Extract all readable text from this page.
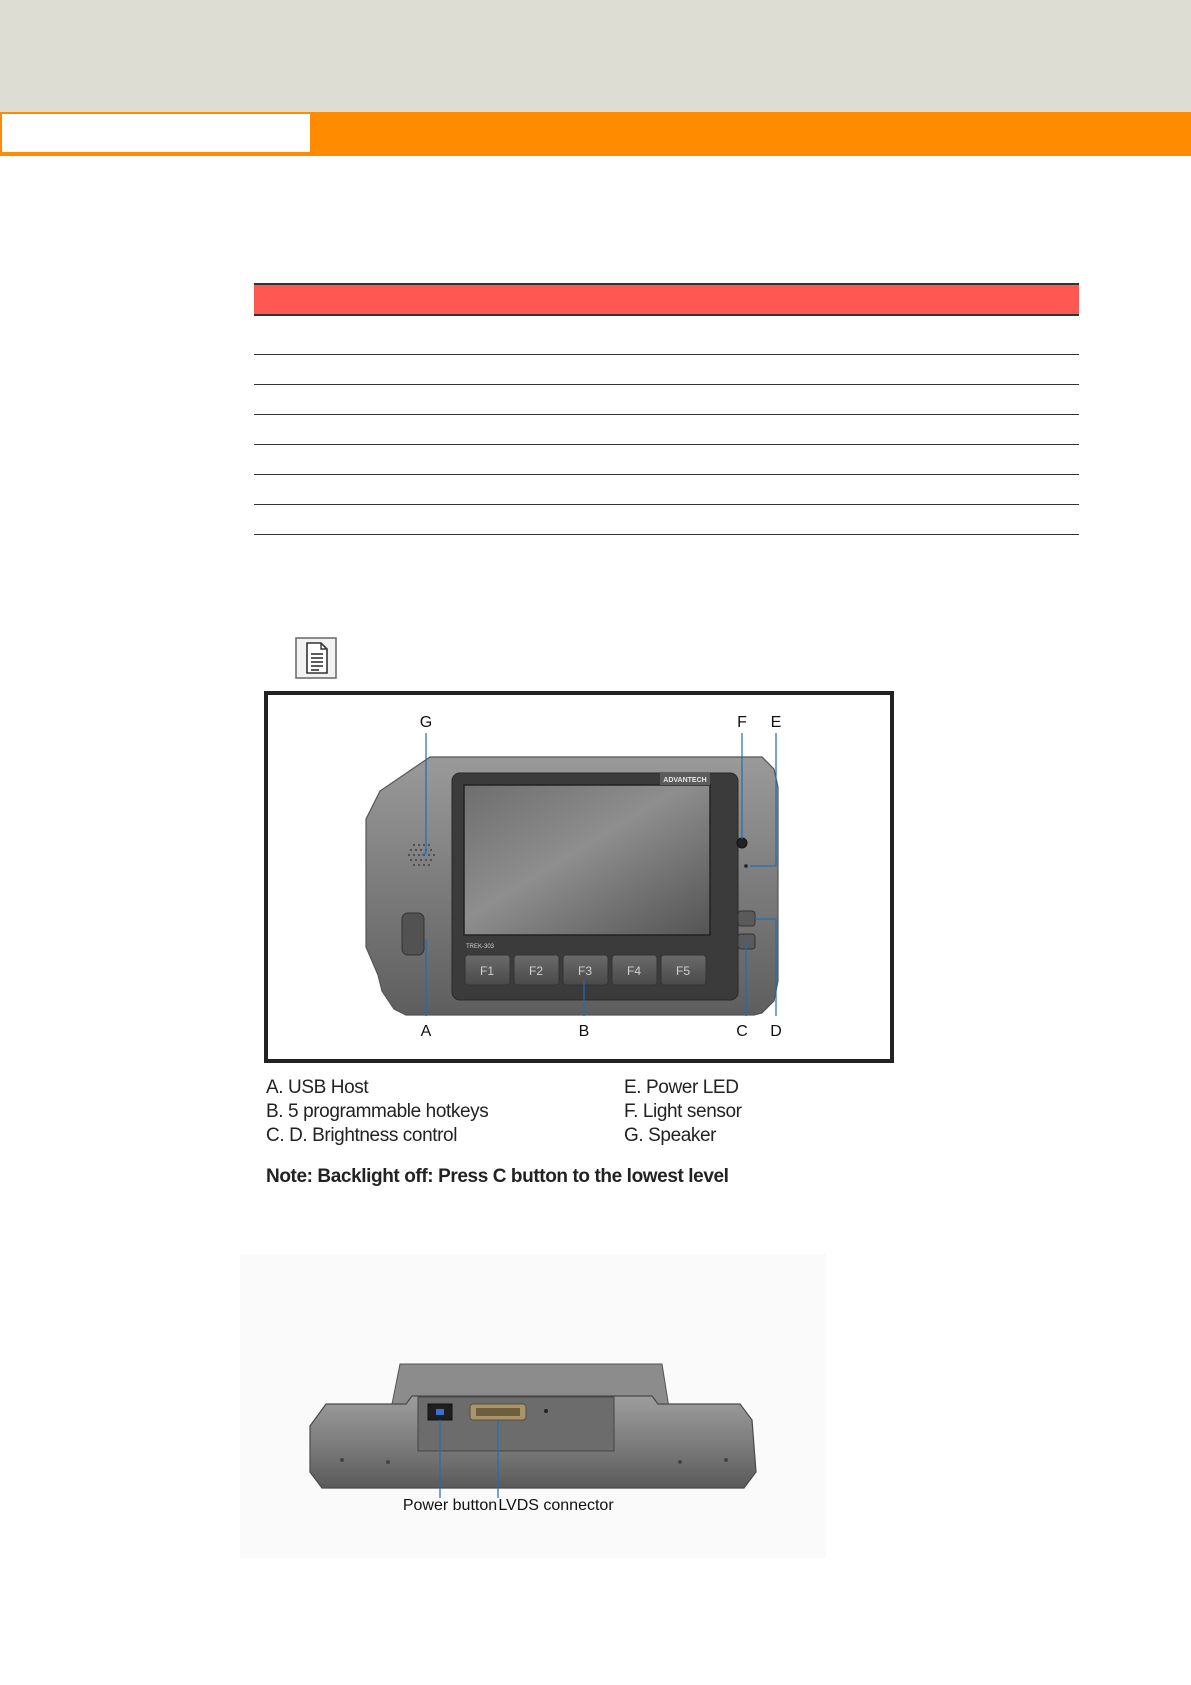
ADVANTECH
TREK-303
F1	F2	F3	F4	F5
G	F E
A	B	C D
A. USB Host
B. 5 programmable hotkeys
C. D. Brightness control
E. Power LED
F. Light sensor
G. Speaker
Note: Backlight off: Press C button to the lowest level
Power button LVDS connector
